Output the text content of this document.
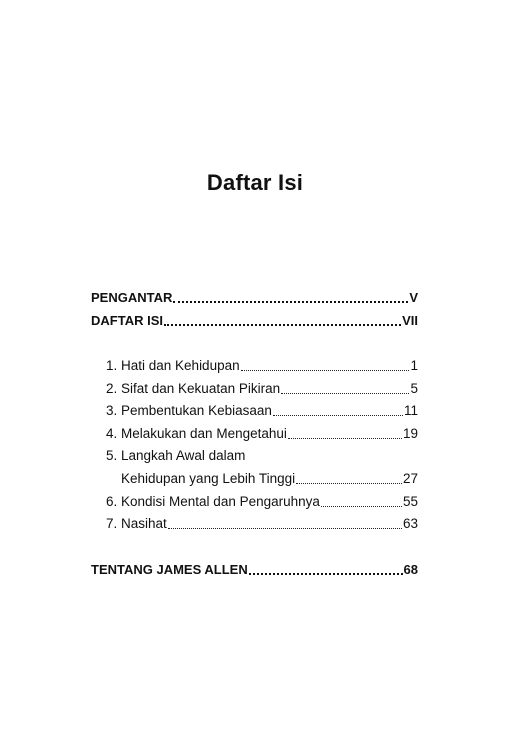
Daftar Isi
PENGANTAR	V
DAFTAR ISI	VII
1. Hati dan Kehidupan	1
2. Sifat dan Kekuatan Pikiran	5
3. Pembentukan Kebiasaan	11
4. Melakukan dan Mengetahui	19
5. Langkah Awal dalam
Kehidupan yang Lebih Tinggi	27
6. Kondisi Mental dan Pengaruhnya	55
7. Nasihat	63
TENTANG JAMES ALLEN	68
